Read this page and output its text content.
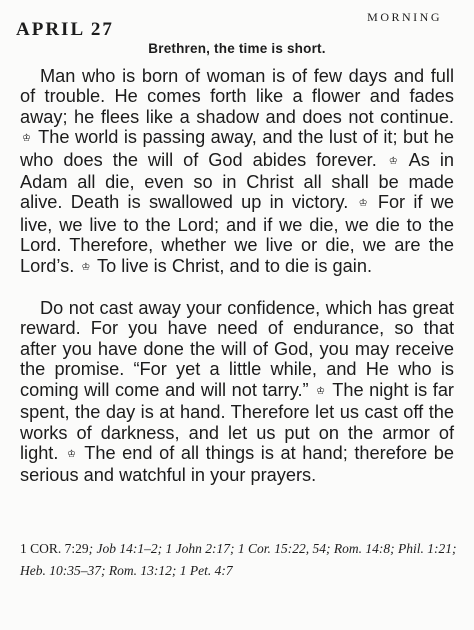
APRIL 27
MORNING
Brethren, the time is short.

Man who is born of woman is of few days and full of trouble. He comes forth like a flower and fades away; he flees like a shadow and does not continue. ♔ The world is passing away, and the lust of it; but he who does the will of God abides forever. ♔ As in Adam all die, even so in Christ all shall be made alive. Death is swallowed up in victory. ♔ For if we live, we live to the Lord; and if we die, we die to the Lord. Therefore, whether we live or die, we are the Lord’s. ♔ To live is Christ, and to die is gain.

Do not cast away your confidence, which has great reward. For you have need of endurance, so that after you have done the will of God, you may receive the promise. “For yet a little while, and He who is coming will come and will not tarry.” ♔ The night is far spent, the day is at hand. Therefore let us cast off the works of darkness, and let us put on the armor of light. ♔ The end of all things is at hand; therefore be serious and watchful in your prayers.

1 COR. 7:29; Job 14:1–2; 1 John 2:17; 1 Cor. 15:22, 54; Rom. 14:8; Phil. 1:21; Heb. 10:35–37; Rom. 13:12; 1 Pet. 4:7
